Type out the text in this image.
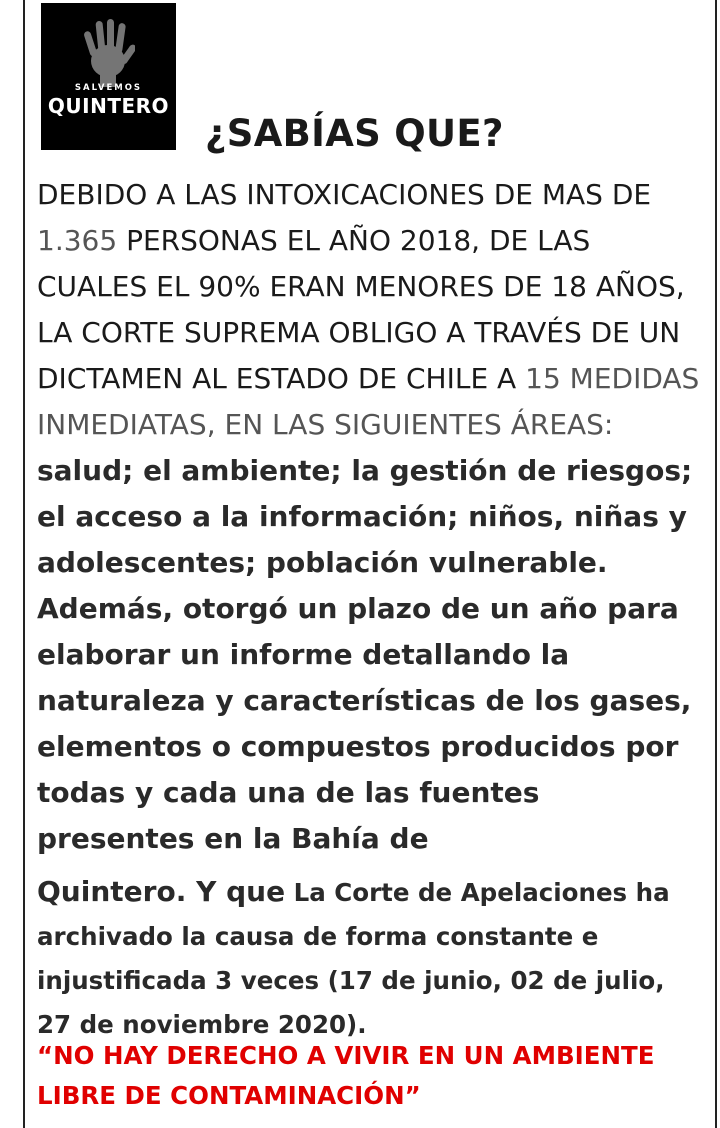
SALVEMOS
QUINTERO
¿SABÍAS QUE?

DEBIDO A LAS INTOXICACIONES DE MAS DE 1.365 PERSONAS EL AÑO 2018, DE LAS CUALES EL 90% ERAN MENORES DE 18 AÑOS, LA CORTE SUPREMA OBLIGO A TRAVÉS DE UN DICTAMEN AL ESTADO DE CHILE A 15 MEDIDAS INMEDIATAS, EN LAS SIGUIENTES ÁREAS: salud; el ambiente; la gestión de riesgos; el acceso a la información; niños, niñas y adolescentes; población vulnerable. Además, otorgó un plazo de un año para elaborar un informe detallando la naturaleza y características de los gases, elementos o compuestos producidos por todas y cada una de las fuentes presentes en la Bahía de

Quintero. Y que La Corte de Apelaciones ha archivado la causa de forma constante e injustificada 3 veces (17 de junio, 02 de julio, 27 de noviembre 2020).

“NO HAY DERECHO A VIVIR EN UN AMBIENTE LIBRE DE CONTAMINACIÓN”
